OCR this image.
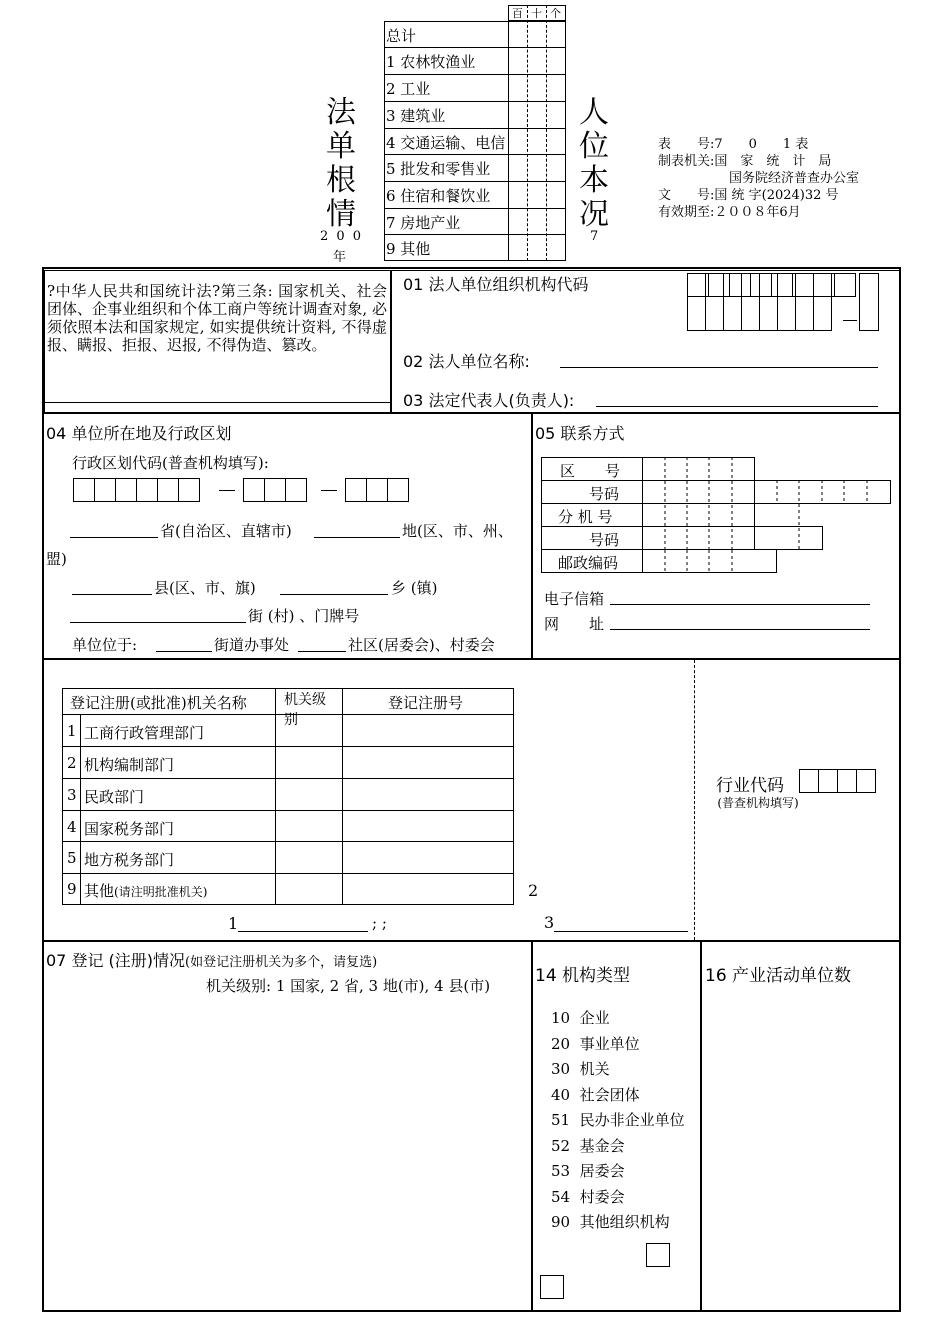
法
单
根
情
2 0 0
年
人
位
本
况
7
百 十 个
总计
1 农林牧渔业
2 工业
3 建筑业
4 交通运输、电信
5 批发和零售业
6 住宿和餐饮业
7 房地产业
9 其他
表　　号:7　　0　　1 表
制表机关:国　家　统　计　局
国务院经济普查办公室
文　　号:国 统 字(2024)32 号
有效期至:２００８年6月
?中华人民共和国统计法?第三条: 国家机关、社会团体、企事业组织和个体工商户等统计调查对象, 必须依照本法和国家规定, 如实提供统计资料, 不得虚报、瞒报、拒报、迟报, 不得伪造、篡改。
01 法人单位组织机构代码
02 法人单位名称:
03 法定代表人(负责人):
04 单位所在地及行政区划
行政区划代码(普查机构填写):
省(自治区、直辖市)	地(区、市、州、
盟)
县(区、市、旗)	乡 (镇)
街 (村) 、门牌号
单位位于:	街道办事处	社区(居委会)、村委会
05 联系方式
区　　号
号码
分 机 号
号码
邮政编码
电子信箱
网　　址
登记注册(或批准)机关名称	机关级别
登记注册号
1 工商行政管理部门
2 机构编制部门
3 民政部门
4 国家税务部门
5 地方税务部门
9 其他(请注明批准机关)
1	; ;
2
3
行业代码
(普查机构填写)
07 登记 (注册)情况(如登记注册机关为多个，请复选)
机关级别: 1 国家, 2 省, 3 地(市), 4 县(市)	14 机构类型
10 企业
20 事业单位
30 机关
40 社会团体
51 民办非企业单位
52 基金会
53 居委会
54 村委会
90 其他组织机构
16 产业活动单位数
